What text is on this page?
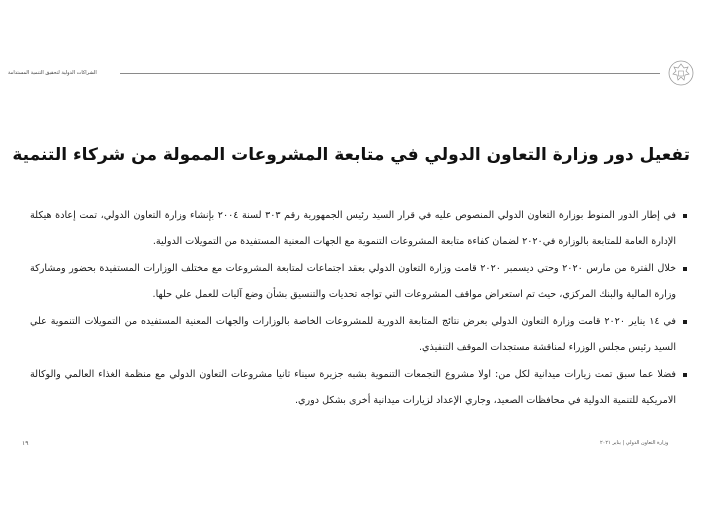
الشراكات الدولية لتحقيق التنمية المستدامة
تفعيل دور وزارة التعاون الدولي في متابعة المشروعات الممولة من شركاء التنمية
في إطار الدور المنوط بوزارة التعاون الدولي المنصوص عليه في قرار السيد رئيس الجمهورية رقم ٣٠٣ لسنة ٢٠٠٤ بإنشاء وزارة التعاون الدولي، تمت إعادة هيكلة الإدارة العامة للمتابعة بالوزارة في٢٠٢٠ لضمان كفاءة متابعة المشروعات التنموية مع الجهات المعنية المستفيدة من التمويلات الدولية.
خلال الفترة من مارس ٢٠٢٠ وحتي ديسمبر ٢٠٢٠ قامت وزارة التعاون الدولي بعقد اجتماعات لمتابعة المشروعات مع مختلف الوزارات المستفيدة بحضور ومشاركة وزارة المالية والبنك المركزي، حيث تم استعراض مواقف المشروعات التي تواجه تحديات والتنسيق بشأن وضع آليات للعمل علي حلها.
في ١٤ يناير ٢٠٢٠ قامت وزارة التعاون الدولي بعرض نتائج المتابعة الدورية للمشروعات الخاصة بالوزارات والجهات المعنية المستفيده من التمويلات التنموية علي السيد رئيس مجلس الوزراء لمناقشة مستجدات الموقف التنفيذي.
فضلا عما سبق تمت زيارات ميدانية لكل من: اولا مشروع التجمعات التنموية بشبه جزيرة سيناء ثانيا مشروعات التعاون الدولي مع منظمة الغذاء العالمي والوكالة الامريكية للتنمية الدولية في محافظات الصعيد، وجاري الإعداد لزيارات ميدانية أخرى بشكل دوري.
١٩	وزارة التعاون الدولي | يناير ٢٠٢١
